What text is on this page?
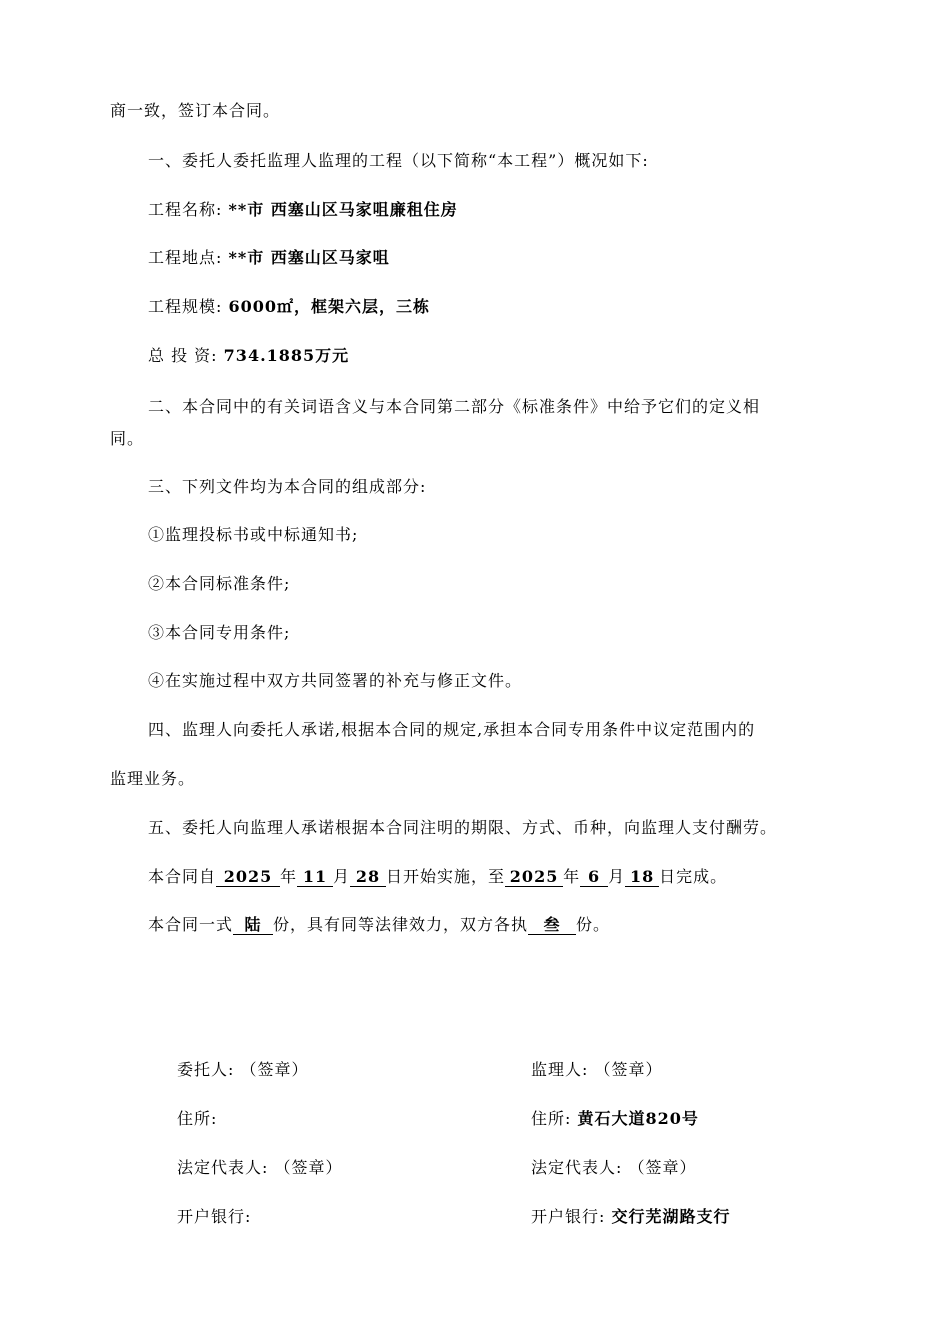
商一致，签订本合同。
一、委托人委托监理人监理的工程（以下简称“本工程”）概况如下:
工程名称: **市 西塞山区马家咀廉租住房
工程地点: **市 西塞山区马家咀
工程规模: 6000㎡，框架六层，三栋
总 投 资: 734.1885万元
二、本合同中的有关词语含义与本合同第二部分《标准条件》中给予它们的定义相
同。
三、下列文件均为本合同的组成部分:
①监理投标书或中标通知书;
②本合同标准条件;
③本合同专用条件;
④在实施过程中双方共同签署的补充与修正文件。
四、监理人向委托人承诺,根据本合同的规定,承担本合同专用条件中议定范围内的
监理业务。
五、委托人向监理人承诺根据本合同注明的期限、方式、币种，向监理人支付酬劳。
本合同自 2025 年 11 月 28 日开始实施，至 2025 年 6 月 18 日完成。
本合同一式 陆 份，具有同等法律效力，双方各执 叁 份。
委托人: （签章）
住所:
法定代表人: （签章）
开户银行:
监理人: （签章）
住所: 黄石大道820号
法定代表人: （签章）
开户银行: 交行芜湖路支行
